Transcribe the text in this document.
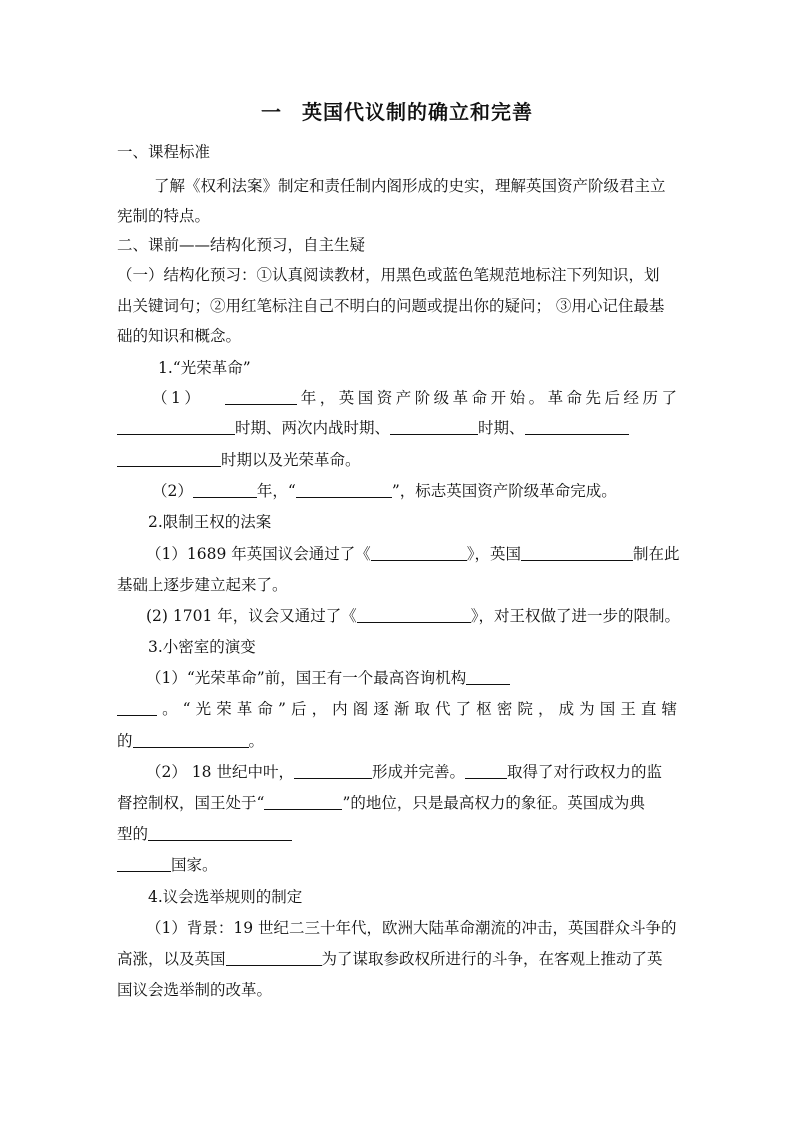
一 英国代议制的确立和完善
一、课程标准
了解《权利法案》制定和责任制内阁形成的史实，理解英国资产阶级君主立
宪制的特点。
二、课前——结构化预习，自主生疑
（一）结构化预习：①认真阅读教材，用黑色或蓝色笔规范地标注下列知识，划
出关键词句；②用红笔标注自己不明白的问题或提出你的疑问； ③用心记住最基
础的知识和概念。
1.“光荣革命”
（1）	年，英国资产阶级革命开始。革命先后经历了
时期、两次内战时期、	时期、
时期以及光荣革命。
（2）	年，“	”，标志英国资产阶级革命完成。
2.限制王权的法案
（1）1689 年英国议会通过了《	》，英国	制在此
基础上逐步建立起来了。
(2) 1701 年，议会又通过了《	》，对王权做了进一步的限制。
3.小密室的演变
（1）“光荣革命”前，国王有一个最高咨询机构
。“光荣革命”后，内阁逐渐取代了枢密院，成为国王直辖
的	。
（2） 18 世纪中叶，	形成并完善。	取得了对行政权力的监
督控制权，国王处于“	”的地位，只是最高权力的象征。英国成为典
型的
国家。
4.议会选举规则的制定
（1）背景：19 世纪二三十年代，欧洲大陆革命潮流的冲击，英国群众斗争的
高涨，以及英国	为了谋取参政权所进行的斗争，在客观上推动了英
国议会选举制的改革。
